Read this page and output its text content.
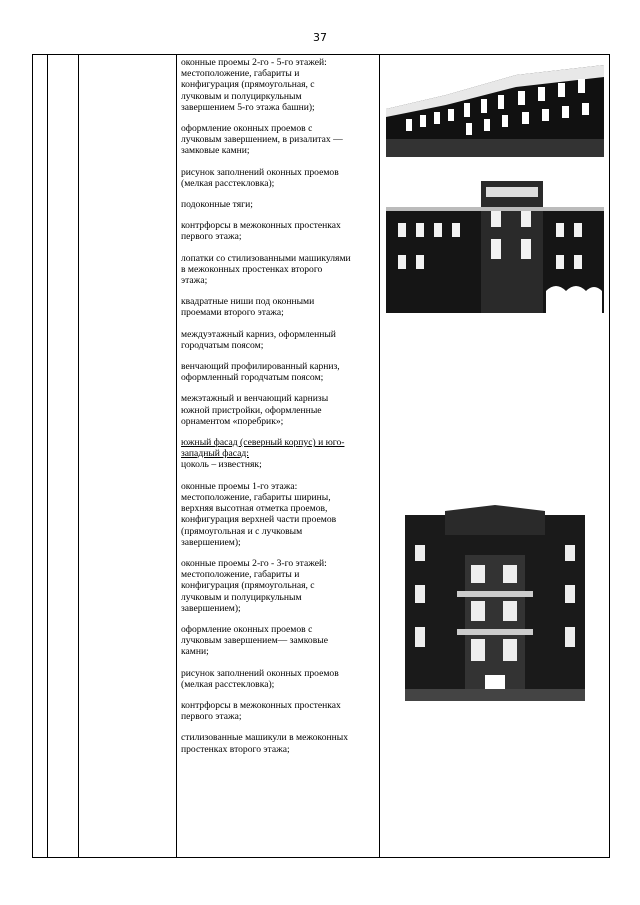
37
оконные проемы 2-го - 5-го этажей:
местоположение, габариты и
конфигурация (прямоугольная, с
лучковым и полуциркульным
завершением 5-го этажа башни);
оформление оконных проемов с
лучковым завершением, в ризалитах —
замковые камни;
рисунок заполнений оконных проемов
(мелкая расстекловка);
подоконные тяги;
контрфорсы в межоконных простенках
первого этажа;
лопатки со стилизованными машикулями
в межоконных простенках второго
этажа;
квадратные ниши под оконными
проемами второго этажа;
междуэтажный карниз, оформленный
городчатым поясом;
венчающий профилированный карниз,
оформленный городчатым поясом;
межэтажный и венчающий карнизы
южной пристройки, оформленные
орнаментом «поребрик»;
южный фасад (северный корпус) и юго-
западный фасад:
цоколь – известняк;
оконные проемы 1-го этажа:
местоположение, габариты ширины,
верхняя высотная отметка проемов,
конфигурация верхней части проемов
(прямоугольная и с лучковым
завершением);
оконные проемы 2-го - 3-го этажей:
местоположение, габариты и
конфигурация (прямоугольная, с
лучковым и полуциркульным
завершением);
оформление оконных проемов с
лучковым завершением— замковые
камни;
рисунок заполнений оконных проемов
(мелкая расстекловка);
контрфорсы в межоконных простенках
первого этажа;
стилизованные машикули в межоконных
простенках второго этажа;
